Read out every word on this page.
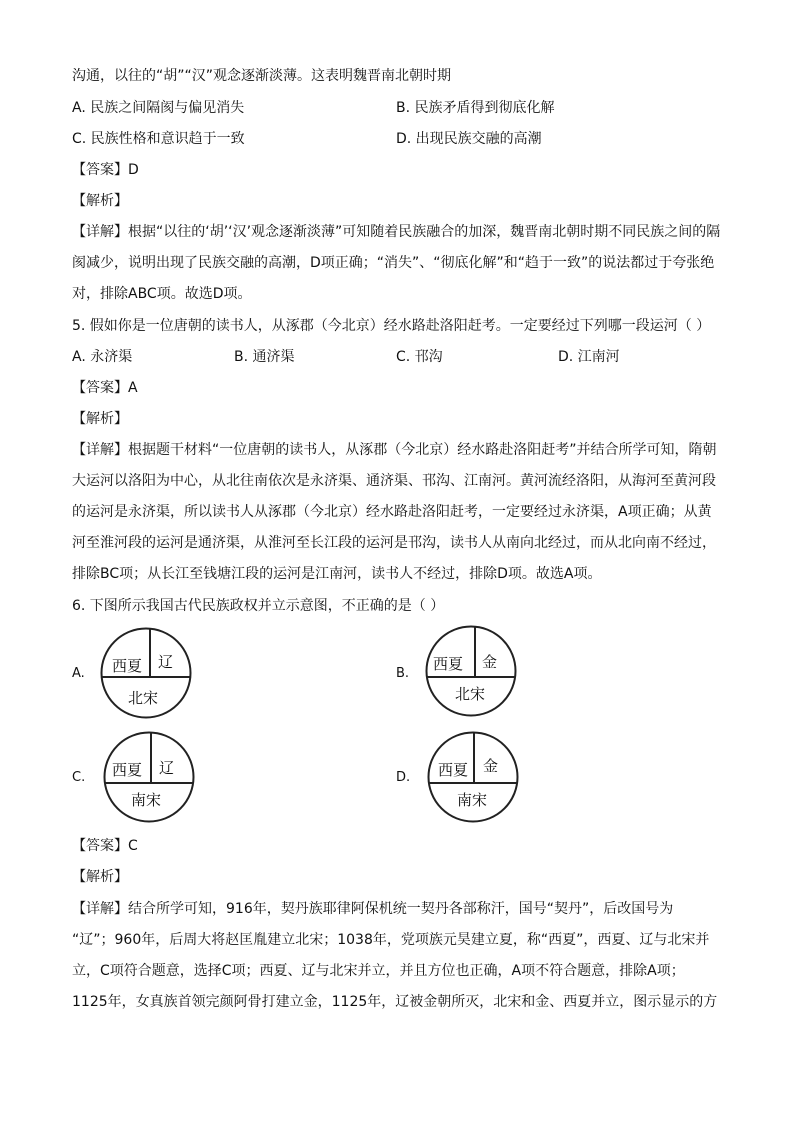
沟通，以往的“胡”“汉”观念逐渐淡薄。这表明魏晋南北朝时期
A. 民族之间隔阂与偏见消失	B. 民族矛盾得到彻底化解
C. 民族性格和意识趋于一致	D. 出现民族交融的高潮
【答案】D
【解析】
【详解】根据“以往的‘胡’‘汉’观念逐渐淡薄”可知随着民族融合的加深，魏晋南北朝时期不同民族之间的隔
阂减少，说明出现了民族交融的高潮，D项正确；“消失”、“彻底化解”和“趋于一致”的说法都过于夸张绝
对，排除ABC项。故选D项。
5. 假如你是一位唐朝的读书人，从涿郡（今北京）经水路赴洛阳赶考。一定要经过下列哪一段运河（ ）
A. 永济渠	B. 通济渠	C. 邗沟	D. 江南河
【答案】A
【解析】
【详解】根据题干材料“一位唐朝的读书人，从涿郡（今北京）经水路赴洛阳赶考”并结合所学可知，隋朝
大运河以洛阳为中心，从北往南依次是永济渠、通济渠、邗沟、江南河。黄河流经洛阳，从海河至黄河段
的运河是永济渠，所以读书人从涿郡（今北京）经水路赴洛阳赶考，一定要经过永济渠，A项正确；从黄
河至淮河段的运河是通济渠，从淮河至长江段的运河是邗沟，读书人从南向北经过，而从北向南不经过，
排除BC项；从长江至钱塘江段的运河是江南河，读书人不经过，排除D项。故选A项。
6. 下图所示我国古代民族政权并立示意图，不正确的是（ ）
A. 西夏 辽
北宋
B.
西夏 金
北宋
C. 西夏 辽
南宋
D. 西夏 金
南宋
【答案】C
【解析】
【详解】结合所学可知，916年，契丹族耶律阿保机统一契丹各部称汗，国号“契丹”，后改国号为
“辽”；960年，后周大将赵匡胤建立北宋；1038年，党项族元昊建立夏，称“西夏”，西夏、辽与北宋并
立，C项符合题意，选择C项；西夏、辽与北宋并立，并且方位也正确，A项不符合题意，排除A项；
1125年，女真族首领完颜阿骨打建立金，1125年，辽被金朝所灭，北宋和金、西夏并立，图示显示的方
